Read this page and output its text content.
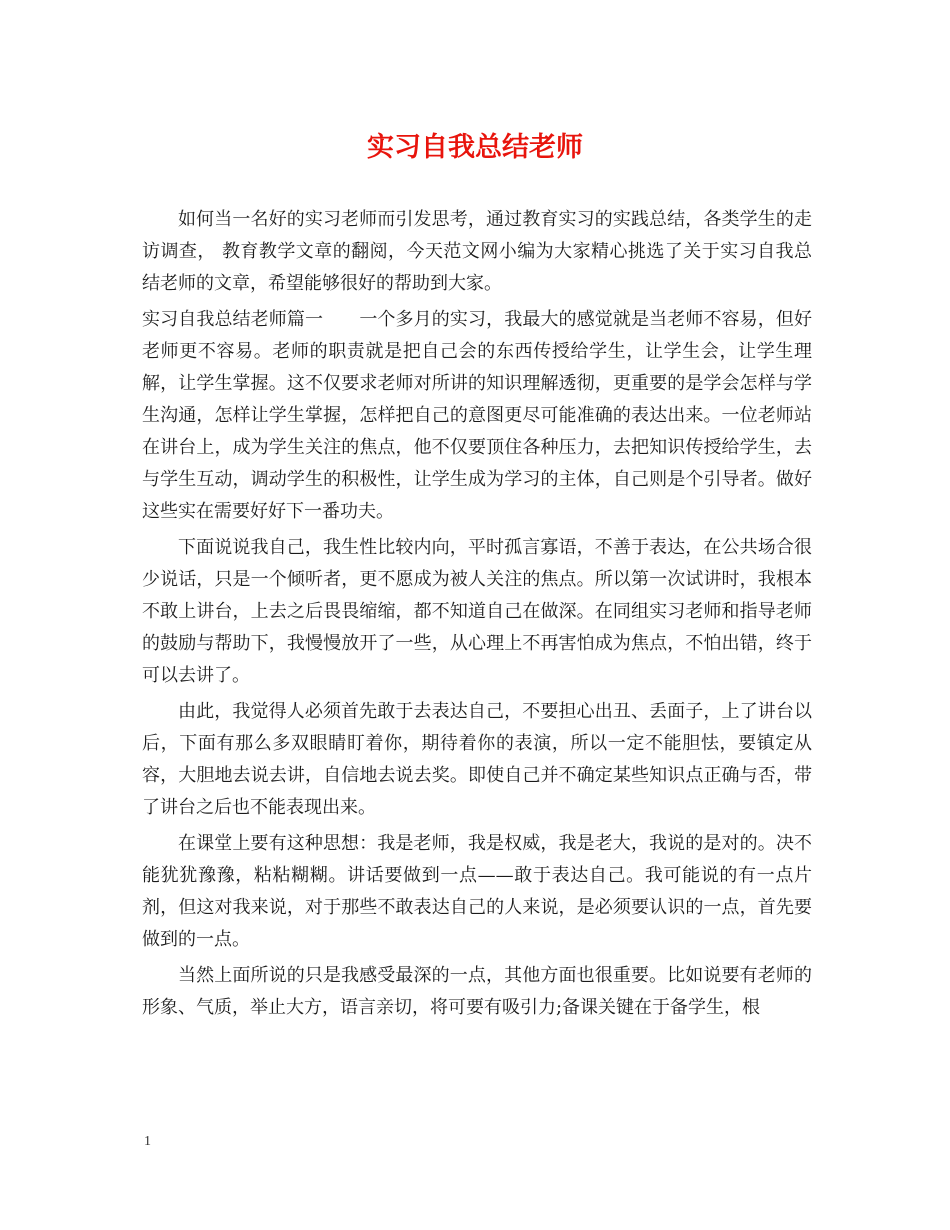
实习自我总结老师

如何当一名好的实习老师而引发思考，通过教育实习的实践总结，各类学生的走访调查， 教育教学文章的翻阅，今天范文网小编为大家精心挑选了关于实习自我总结老师的文章，希望能够很好的帮助到大家。

实习自我总结老师篇一　　一个多月的实习，我最大的感觉就是当老师不容易，但好老师更不容易。老师的职责就是把自己会的东西传授给学生，让学生会，让学生理解，让学生掌握。这不仅要求老师对所讲的知识理解透彻，更重要的是学会怎样与学生沟通，怎样让学生掌握，怎样把自己的意图更尽可能准确的表达出来。一位老师站在讲台上，成为学生关注的焦点，他不仅要顶住各种压力，去把知识传授给学生，去与学生互动，调动学生的积极性，让学生成为学习的主体，自己则是个引导者。做好这些实在需要好好下一番功夫。

下面说说我自己，我生性比较内向，平时孤言寡语，不善于表达，在公共场合很少说话，只是一个倾听者，更不愿成为被人关注的焦点。所以第一次试讲时，我根本不敢上讲台，上去之后畏畏缩缩，都不知道自己在做深。在同组实习老师和指导老师的鼓励与帮助下，我慢慢放开了一些，从心理上不再害怕成为焦点，不怕出错，终于可以去讲了。

由此，我觉得人必须首先敢于去表达自己，不要担心出丑、丢面子，上了讲台以后，下面有那么多双眼睛盯着你，期待着你的表演，所以一定不能胆怯，要镇定从容，大胆地去说去讲，自信地去说去奖。即使自己并不确定某些知识点正确与否，带了讲台之后也不能表现出来。

在课堂上要有这种思想：我是老师，我是权威，我是老大，我说的是对的。决不能犹犹豫豫，粘粘糊糊。讲话要做到一点——敢于表达自己。我可能说的有一点片剂，但这对我来说，对于那些不敢表达自己的人来说，是必须要认识的一点，首先要做到的一点。

当然上面所说的只是我感受最深的一点，其他方面也很重要。比如说要有老师的形象、气质，举止大方，语言亲切，将可要有吸引力;备课关键在于备学生，根

1
